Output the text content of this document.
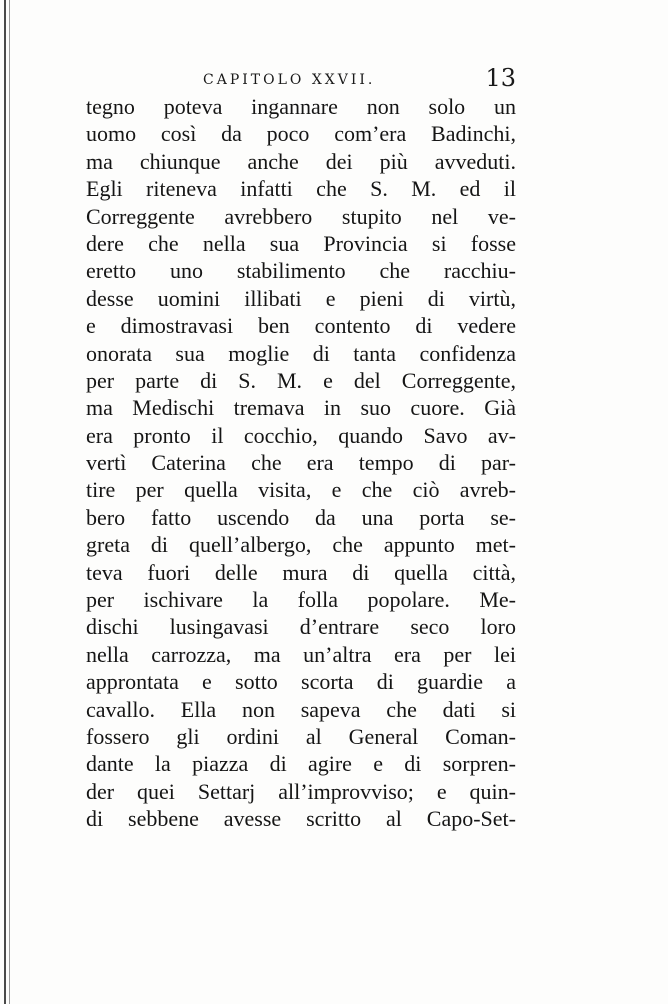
CAPITOLO XXVII.	13
tegno poteva ingannare non solo un
uomo così da poco com’era Badinchi,
ma chiunque anche dei più avveduti.
Egli riteneva infatti che S. M. ed il
Correggente avrebbero stupito nel ve-
dere che nella sua Provincia si fosse
eretto uno stabilimento che racchiu-
desse uomini illibati e pieni di virtù,
e dimostravasi ben contento di vedere
onorata sua moglie di tanta confidenza
per parte di S. M. e del Correggente,
ma Medischi tremava in suo cuore. Già
era pronto il cocchio, quando Savo av-
vertì Caterina che era tempo di par-
tire per quella visita, e che ciò avreb-
bero fatto uscendo da una porta se-
greta di quell’albergo, che appunto met-
teva fuori delle mura di quella città,
per ischivare la folla popolare. Me-
dischi lusingavasi d’entrare seco loro
nella carrozza, ma un’altra era per lei
approntata e sotto scorta di guardie a
cavallo. Ella non sapeva che dati si
fossero gli ordini al General Coman-
dante la piazza di agire e di sorpren-
der quei Settarj all’improvviso; e quin-
di sebbene avesse scritto al Capo-Set-
